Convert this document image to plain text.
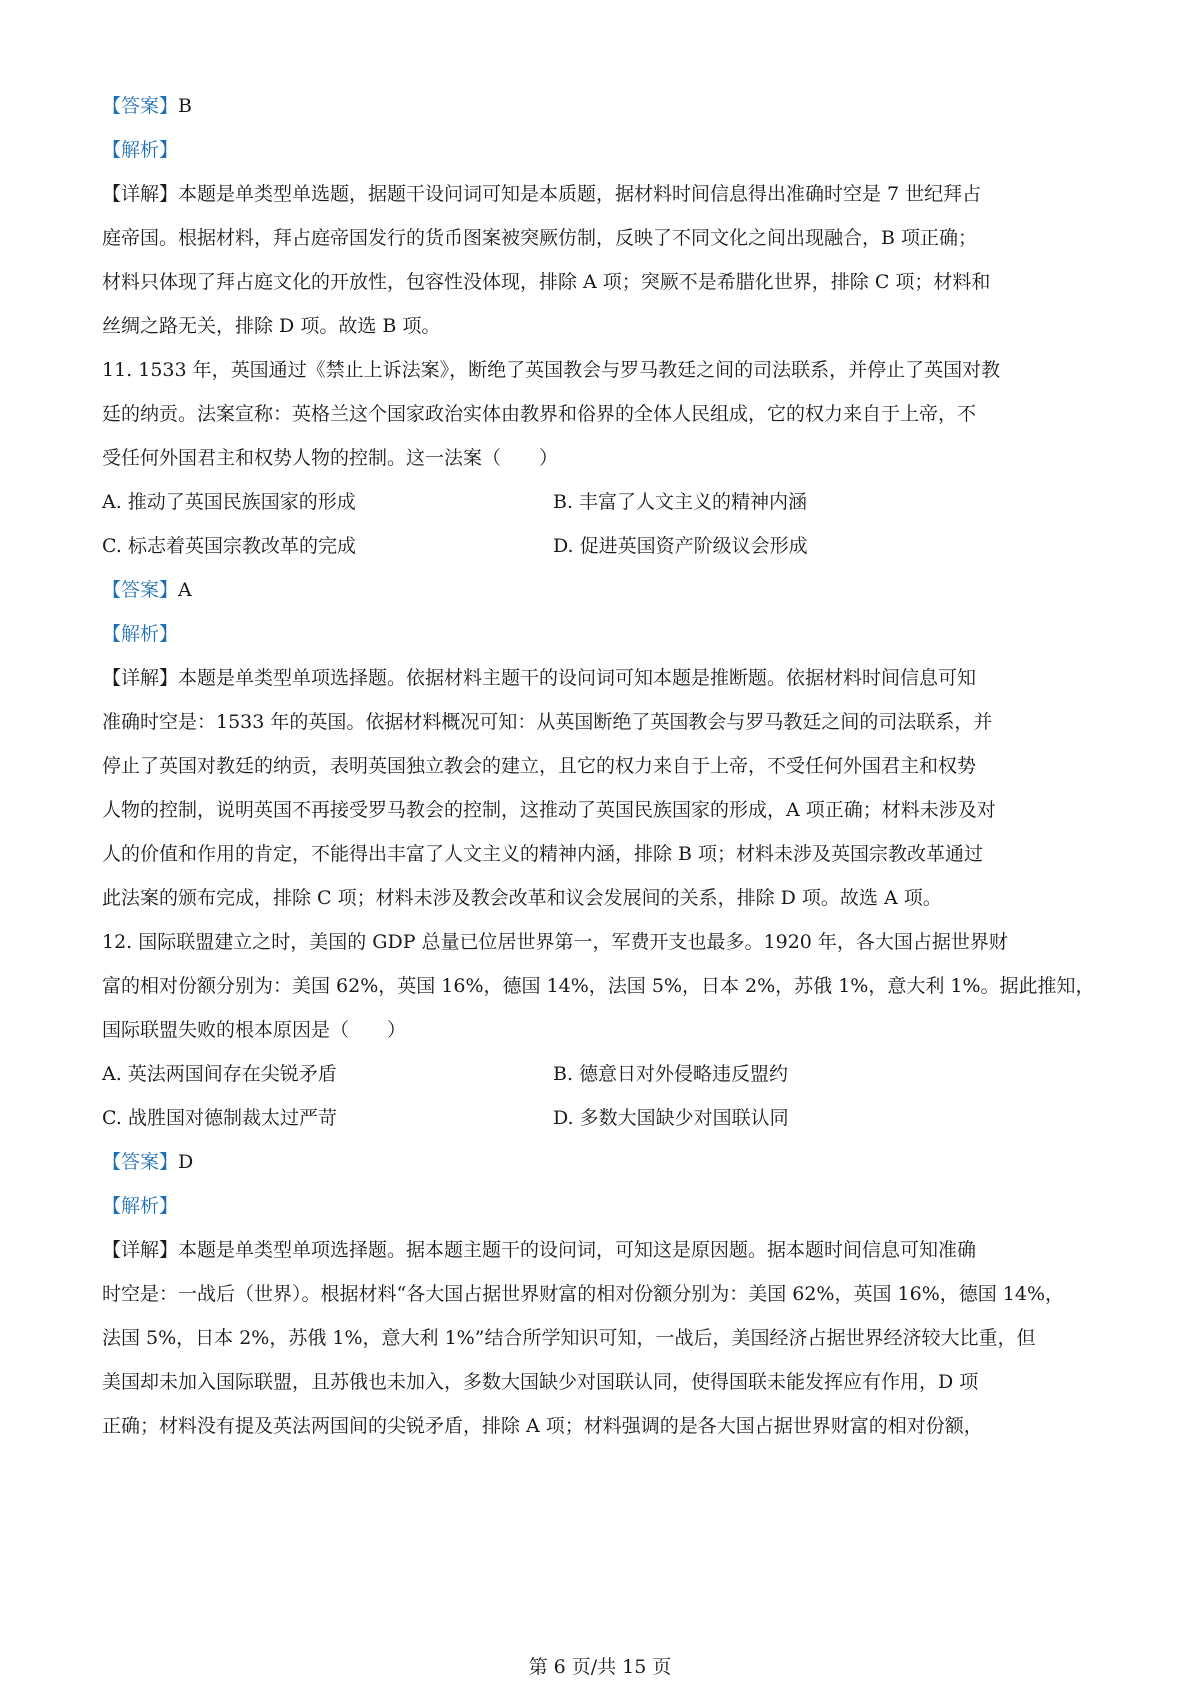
【答案】B
【解析】
【详解】本题是单类型单选题，据题干设问词可知是本质题，据材料时间信息得出准确时空是 7 世纪拜占
庭帝国。根据材料，拜占庭帝国发行的货币图案被突厥仿制，反映了不同文化之间出现融合，B 项正确；
材料只体现了拜占庭文化的开放性，包容性没体现，排除 A 项；突厥不是希腊化世界，排除 C 项；材料和
丝绸之路无关，排除 D 项。故选 B 项。
11. 1533 年，英国通过《禁止上诉法案》，断绝了英国教会与罗马教廷之间的司法联系，并停止了英国对教
廷的纳贡。法案宣称：英格兰这个国家政治实体由教界和俗界的全体人民组成，它的权力来自于上帝，不
受任何外国君主和权势人物的控制。这一法案（　　）
A. 推动了英国民族国家的形成	B. 丰富了人文主义的精神内涵
C. 标志着英国宗教改革的完成	D. 促进英国资产阶级议会形成
【答案】A
【解析】
【详解】本题是单类型单项选择题。依据材料主题干的设问词可知本题是推断题。依据材料时间信息可知
准确时空是：1533 年的英国。依据材料概况可知：从英国断绝了英国教会与罗马教廷之间的司法联系，并
停止了英国对教廷的纳贡，表明英国独立教会的建立，且它的权力来自于上帝，不受任何外国君主和权势
人物的控制，说明英国不再接受罗马教会的控制，这推动了英国民族国家的形成，A 项正确；材料未涉及对
人的价值和作用的肯定，不能得出丰富了人文主义的精神内涵，排除 B 项；材料未涉及英国宗教改革通过
此法案的颁布完成，排除 C 项；材料未涉及教会改革和议会发展间的关系，排除 D 项。故选 A 项。
12. 国际联盟建立之时，美国的 GDP 总量已位居世界第一，军费开支也最多。1920 年，各大国占据世界财
富的相对份额分别为：美国 62%，英国 16%，德国 14%，法国 5%，日本 2%，苏俄 1%，意大利 1%。据此推知，
国际联盟失败的根本原因是（　　）
A. 英法两国间存在尖锐矛盾	B. 德意日对外侵略违反盟约
C. 战胜国对德制裁太过严苛	D. 多数大国缺少对国联认同
【答案】D
【解析】
【详解】本题是单类型单项选择题。据本题主题干的设问词，可知这是原因题。据本题时间信息可知准确
时空是：一战后（世界）。根据材料“各大国占据世界财富的相对份额分别为：美国 62%，英国 16%，德国 14%，
法国 5%，日本 2%，苏俄 1%，意大利 1%”结合所学知识可知，一战后，美国经济占据世界经济较大比重，但
美国却未加入国际联盟，且苏俄也未加入，多数大国缺少对国联认同，使得国联未能发挥应有作用，D 项
正确；材料没有提及英法两国间的尖锐矛盾，排除 A 项；材料强调的是各大国占据世界财富的相对份额，
第 6 页/共 15 页
